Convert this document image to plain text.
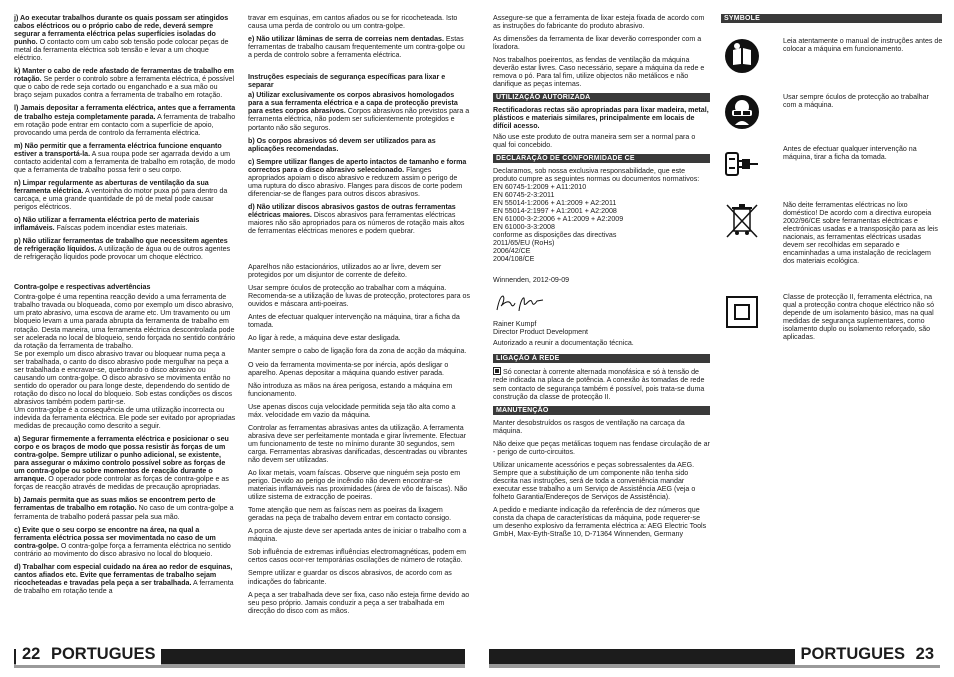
j) Ao executar trabalhos durante os quais possam ser atingidos cabos eléctricos ou o próprio cabo de rede, deverá sempre segurar a ferramenta eléctrica pelas superfícies isoladas do punho. O contacto com um cabo sob tensão pode colocar peças de metal da ferramenta eléctrica sob tensão e levar a um choque eléctrico.

k) Manter o cabo de rede afastado de ferramentas de trabalho em rotação. Se perder o controlo sobre a ferramenta eléctrica, é possível que o cabo de rede seja cortado ou enganchado e a sua mão ou braço sejam puxados contra a ferramenta de trabalho em rotação.

l) Jamais depositar a ferramenta eléctrica, antes que a ferramenta de trabalho esteja completamente parada. A ferramenta de trabalho em rotação pode entrar em contacto com a superfície de apoio, provocando uma perda de controlo da ferramenta eléctrica.

m) Não permitir que a ferramenta eléctrica funcione enquanto estiver a transportá-la. A sua roupa pode ser agarrada devido a um contacto acidental com a ferramenta de trabalho em rotação, de modo que a ferramenta de trabalho possa ferir o seu corpo.

n) Limpar regularmente as aberturas de ventilação da sua ferramenta eléctrica. A ventoinha do motor puxa pó para dentro da carcaça, e uma grande quantidade de pó de metal pode causar perigos eléctricos.

o) Não utilizar a ferramenta eléctrica perto de materiais inflamáveis. Faíscas podem incendiar estes materiais.

p) Não utilizar ferramentas de trabalho que necessitem agentes de refrigeração líquidos. A utilização de água ou de outros agentes de refrigeração líquidos pode provocar um choque eléctrico.

Contra-golpe e respectivas advertências

Contra-golpe é uma repentina reacção devido a uma ferramenta de trabalho travada ou bloqueada, como por exemplo um disco abrasivo, um prato abrasivo, uma escova de arame etc. Um travamento ou um bloqueio levam a uma parada abrupta da ferramenta de trabalho em rotação. Desta maneira, uma ferramenta eléctrica descontrolada pode ser acelerada no local de bloqueio, sendo forçada no sentido contrário da rotação da ferramenta de trabalho.

Se por exemplo um disco abrasivo travar ou bloquear numa peça a ser trabalhada, o canto do disco abrasivo pode mergulhar na peça a ser trabalhada e encravar-se, quebrando o disco abrasivo ou causando um contra-golpe. O disco abrasivo se movimenta então no sentido do operador ou para longe deste, dependendo do sentido de rotação do disco no local do bloqueio. Sob estas condições os discos abrasivos também podem partir-se.

Um contra-golpe é a consequência de uma utilização incorrecta ou indevida da ferramenta eléctrica. Ele pode ser evitado por apropriadas medidas de precaução como descrito a seguir.

a) Segurar firmemente a ferramenta eléctrica e posicionar o seu corpo e os braços de modo que possa resistir às forças de um contra-golpe. Sempre utilizar o punho adicional, se existente, para assegurar o máximo controlo possível sobre as forças de um contra-golpe ou sobre momentos de reacção durante o arranque. O operador pode controlar as forças de contra-golpe e as forças de reacção através de medidas de precaução apropriadas.

b) Jamais permita que as suas mãos se encontrem perto de ferramentas de trabalho em rotação. No caso de um contra-golpe a ferramenta de trabalho poderá passar pela sua mão.

c) Evite que o seu corpo se encontre na área, na qual a ferramenta eléctrica possa ser movimentada no caso de um contra-golpe. O contra-golpe força a ferramenta eléctrica no sentido contrário ao movimento do disco abrasivo no local do bloqueio.

d) Trabalhar com especial cuidado na área ao redor de esquinas, cantos afiados etc. Evite que ferramentas de trabalho sejam ricocheteadas e travadas pela peça a ser trabalhada. A ferramenta de trabalho em rotação tende a

travar em esquinas, em cantos afiados ou se for ricocheteada. Isto causa uma perda de controlo ou um contra-golpe.

e) Não utilizar lâminas de serra de correias nem dentadas. Estas ferramentas de trabalho causam frequentemente um contra-golpe ou a perda de controlo sobre a ferramenta eléctrica.

Instruções especiais de segurança específicas para lixar e separar

a) Utilizar exclusivamente os corpos abrasivos homologados para a sua ferramenta eléctrica e a capa de protecção prevista para estes corpos abrasivos. Corpos abrasivos não previstos para a ferramenta eléctrica, não podem ser suficientemente protegidos e portanto não são seguros.

b) Os corpos abrasivos só devem ser utilizados para as aplicações recomendadas.

c) Sempre utilizar flanges de aperto intactos de tamanho e forma correctos para o disco abrasivo seleccionado. Flanges apropriados apoiam o disco abrasivo e reduzem assim o perigo de uma ruptura do disco abrasivo. Flanges para discos de corte podem diferenciar-se de flanges para outros discos abrasivos.

d) Não utilizar discos abrasivos gastos de outras ferramentas eléctricas maiores. Discos abrasivos para ferramentas eléctricas maiores não são apropriados para os números de rotação mais altos de ferramentas eléctricas menores e podem quebrar.

Aparelhos não estacionários, utilizados ao ar livre, devem ser protegidos por um disjuntor de corrente de defeito.

Usar sempre óculos de protecção ao trabalhar com a máquina. Recomenda-se a utilização de luvas de protecção, protectores para os ouvidos e máscara anti-poeiras.

Antes de efectuar qualquer intervenção na máquina, tirar a ficha da tomada.

Ao ligar à rede, a máquina deve estar desligada.

Manter sempre o cabo de ligação fora da zona de acção da máquina.

O veio da ferramenta movimenta-se por inércia, após desligar o aparelho. Apenas depositar a máquina quando estiver parada.

Não introduza as mãos na área perigosa, estando a máquina em funcionamento.

Use apenas discos cuja velocidade permitida seja tão alta como a máx. velocidade em vazio da máquina.

Controlar as ferramentas abrasivas antes da utilização. A ferramenta abrasiva deve ser perfeitamente montada e girar livremente. Efectuar um funcionamento de teste no mínimo durante 30 segundos, sem carga. Ferramentas abrasivas danificadas, descentradas ou vibrantes não devem ser utilizadas.

Ao lixar metais, voam faíscas. Observe que ninguém seja posto em perigo. Devido ao perigo de incêndio não devem encontrar-se materiais inflamáveis nas proximidades (área de vôo de faíscas). Não utilize sistema de extracção de poeiras.

Tome atenção que nem as faíscas nem as poeiras da lixagem geradas na peça de trabalho devem entrar em contacto consigo.

A porca de ajuste deve ser apertada antes de iniciar o trabalho com a máquina.

Sob influência de extremas influências electromagnéticas, podem em certos casos ocor-rer temporárias oscilações de número de rotação.

Sempre utilizar e guardar os discos abrasivos, de acordo com as indicações do fabricante.

A peça a ser trabalhada deve ser fixa, caso não esteja firme devido ao seu peso próprio. Jamais conduzir a peça a ser trabalhada em direcção do disco com as mãos.

Assegure-se que a ferramenta de lixar esteja fixada de acordo com as instruções do fabricante do produto abrasivo.

As dimensões da ferramenta de lixar deverão corresponder com a lixadora.

Nos trabalhos poeirentos, as fendas de ventilação da máquina deverão estar livres. Caso necessário, separe a máquina da rede e remova o pó. Para tal fim, utilize objectos não metálicos e não danifique as peças internas.

UTILIZAÇÃO AUTORIZADA

Rectificadoras rectas são apropriadas para lixar madeira, metal, plásticos e materiais similares, principalmente em locais de difícil acesso.

Não use este produto de outra maneira sem ser a normal para o qual foi concebido.

DECLARAÇÃO DE CONFORMIDADE CE

Declaramos, sob nossa exclusiva responsabilidade, que este produto cumpre as seguintes normas ou documentos normativos:

EN 60745-1:2009 + A11:2010
EN 60745-2-3:2011
EN 55014-1:2006 + A1:2009 + A2:2011
EN 55014-2:1997 + A1:2001 + A2:2008
EN 61000-3-2:2006 + A1:2009 + A2:2009
EN 61000-3-3:2008
conforme as disposições das directivas
2011/65/EU (RoHs)
2006/42/CE
2004/108/CE

Winnenden, 2012-09-09

Rainer Kumpf
Director Product Development

Autorizado a reunir a documentação técnica.

LIGAÇÃO À REDE

Só conectar à corrente alternada monofásica e só à tensão de rede indicada na placa de potência. A conexão às tomadas de rede sem contacto de segurança também é possível, pois trata-se duma construção da classe de protecção II.

MANUTENÇÃO

Manter desobstruídos os rasgos de ventilação na carcaça da máquina.

Não deixe que peças metálicas toquem nas fendase circulação de ar - perigo de curto-circuitos.

Utilizar unicamente acessórios e peças sobressalentes da AEG. Sempre que a substituição de um componente não tenha sido descrita nas instruções, será de toda a conveniência mandar executar esse trabalho a um Serviço de Assistência AEG (veja o folheto Garantia/Endereços de Serviços de Assistência).

A pedido e mediante indicação da referência de dez números que consta da chapa de características da máquina, pode requerer-se um desenho explosivo da ferramenta eléctrica a: AEG Electric Tools GmbH, Max-Eyth-Straße 10, D-71364 Winnenden, Germany

SYMBOLE
Leia atentamente o manual de instruções antes de colocar a máquina em funcionamento.
Usar sempre óculos de protecção ao trabalhar com a máquina.
Antes de efectuar qualquer intervenção na máquina, tirar a ficha da tomada.
Não deite ferramentas eléctricas no lixo doméstico! De acordo com a directiva europeia 2002/96/CE sobre ferramentas eléctricas e electrónicas usadas e a transposição para as leis nacionais, as ferramentas eléctricas usadas devem ser recolhidas em separado e encaminhadas a uma instalação de reciclagem dos materiais ecológica.
Classe de protecção II, ferramenta eléctrica, na qual a protecção contra choque eléctrico não só depende de um isolamento básico, mas na qual medidas de segurança suplementares, como isolamento duplo ou isolamento reforçado, são aplicadas.
22 PORTUGUES	PORTUGUES 23
